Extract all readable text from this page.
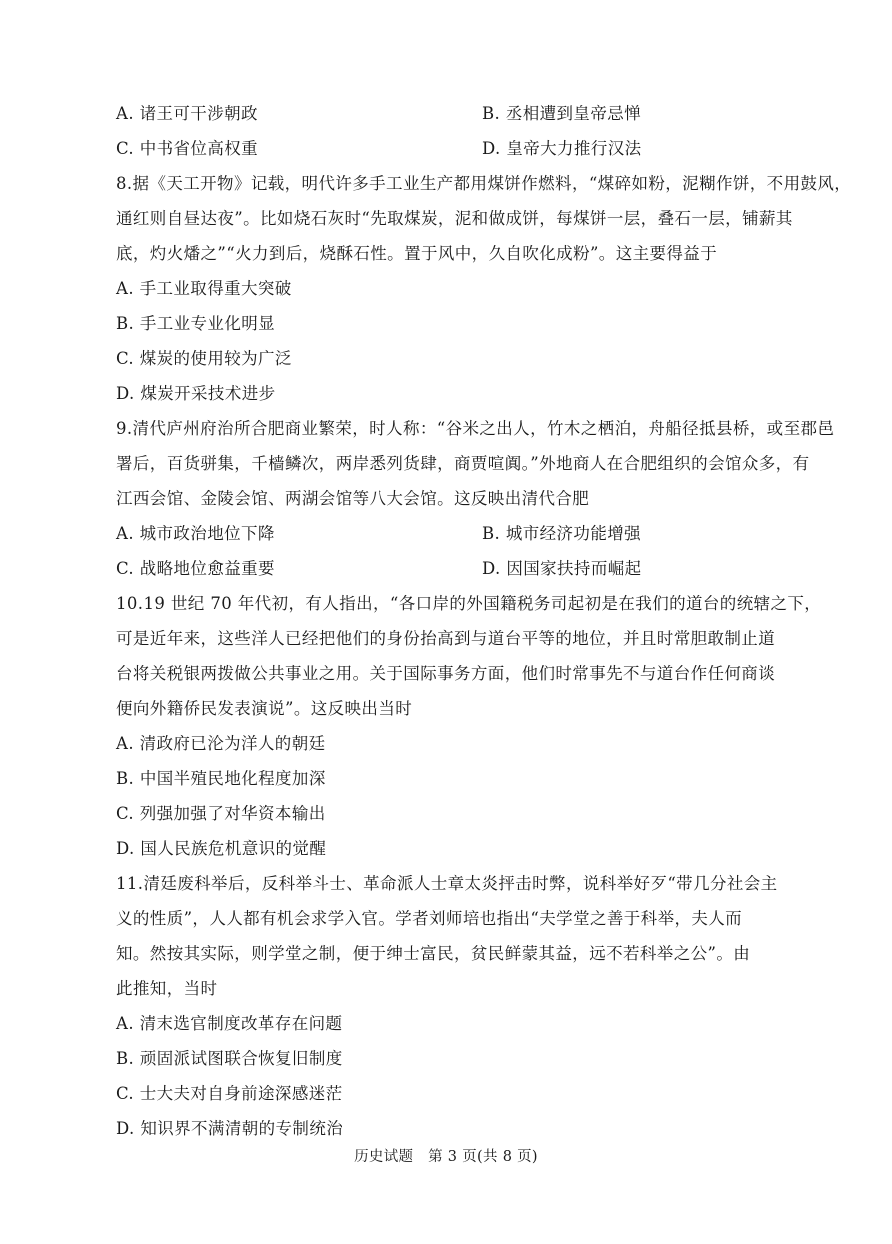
A. 诸王可干涉朝政	B. 丞相遭到皇帝忌惮
C. 中书省位高权重	D. 皇帝大力推行汉法
8.据《天工开物》记载，明代许多手工业生产都用煤饼作燃料，“煤碎如粉，泥糊作饼，不用鼓风，
通红则自昼达夜”。比如烧石灰时“先取煤炭，泥和做成饼，每煤饼一层，叠石一层，铺薪其
底，灼火燔之”“火力到后，烧酥石性。置于风中，久自吹化成粉”。这主要得益于
A. 手工业取得重大突破
B. 手工业专业化明显
C. 煤炭的使用较为广泛
D. 煤炭开采技术进步
9.清代庐州府治所合肥商业繁荣，时人称：“谷米之出人，竹木之栖泊，舟船径抵县桥，或至郡邑
署后，百货骈集，千樯鳞次，两岸悉列货肆，商贾喧阗。”外地商人在合肥组织的会馆众多，有
江西会馆、金陵会馆、两湖会馆等八大会馆。这反映出清代合肥
A. 城市政治地位下降	B. 城市经济功能增强
C. 战略地位愈益重要	D. 因国家扶持而崛起
10.19 世纪 70 年代初，有人指出，“各口岸的外国籍税务司起初是在我们的道台的统辖之下，
可是近年来，这些洋人已经把他们的身份抬高到与道台平等的地位，并且时常胆敢制止道
台将关税银两拨做公共事业之用。关于国际事务方面，他们时常事先不与道台作任何商谈
便向外籍侨民发表演说”。这反映出当时
A. 清政府已沦为洋人的朝廷
B. 中国半殖民地化程度加深
C. 列强加强了对华资本输出
D. 国人民族危机意识的觉醒
11.清廷废科举后，反科举斗士、革命派人士章太炎抨击时弊，说科举好歹“带几分社会主
义的性质”，人人都有机会求学入官。学者刘师培也指出“夫学堂之善于科举，夫人而
知。然按其实际，则学堂之制，便于绅士富民，贫民鲜蒙其益，远不若科举之公”。由
此推知，当时
A. 清末选官制度改革存在问题
B. 顽固派试图联合恢复旧制度
C. 士大夫对自身前途深感迷茫
D. 知识界不满清朝的专制统治
历史试题　第 3 页(共 8 页)
